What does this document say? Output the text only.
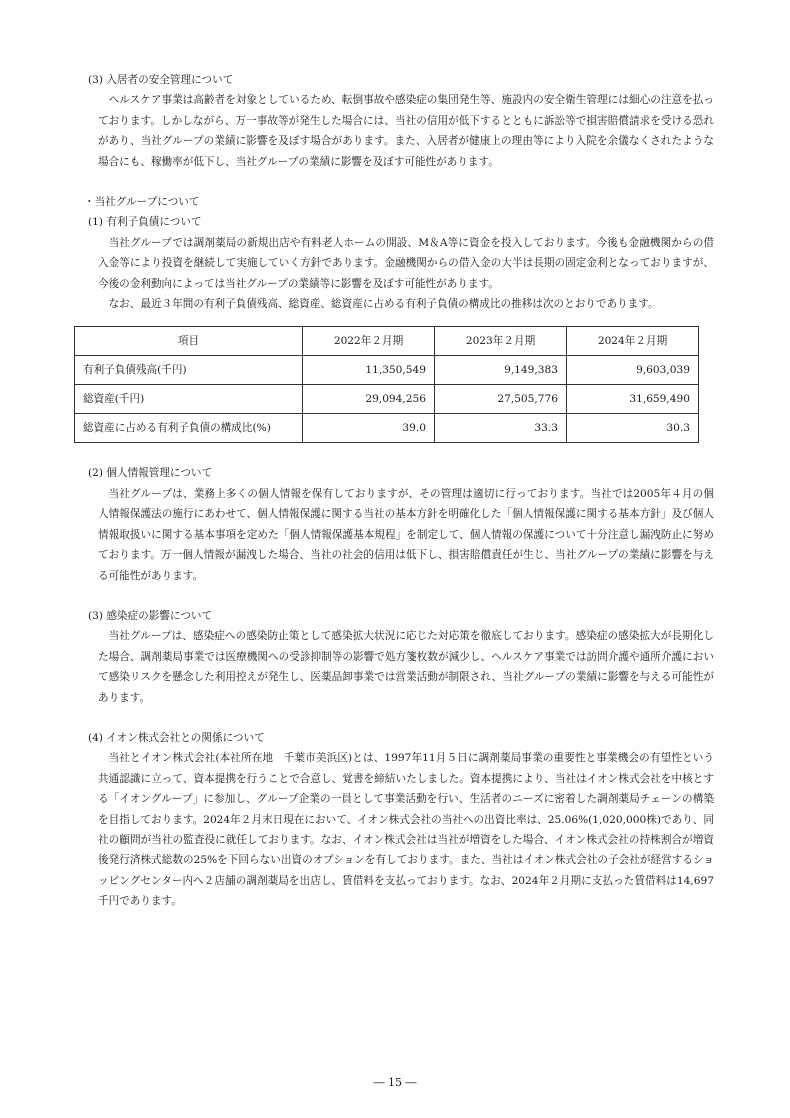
(3) 入居者の安全管理について

ヘルスケア事業は高齢者を対象としているため、転倒事故や感染症の集団発生等、施設内の安全衛生管理には細心の注意を払っております。しかしながら、万一事故等が発生した場合には、当社の信用が低下するとともに訴訟等で損害賠償請求を受ける恐れがあり、当社グループの業績に影響を及ぼす場合があります。また、入居者が健康上の理由等により入院を余儀なくされたような場合にも、稼働率が低下し、当社グループの業績に影響を及ぼす可能性があります。

・当社グループについて
(1) 有利子負債について

当社グループでは調剤薬局の新規出店や有料老人ホームの開設、M＆A等に資金を投入しております。今後も金融機関からの借入金等により投資を継続して実施していく方針であります。金融機関からの借入金の大半は長期の固定金利となっておりますが、今後の金利動向によっては当社グループの業績等に影響を及ぼす可能性があります。

なお、最近３年間の有利子負債残高、総資産、総資産に占める有利子負債の構成比の推移は次のとおりであります。

項目	2022年２月期	2023年２月期	2024年２月期
有利子負債残高(千円)	11,350,549	9,149,383	9,603,039
総資産(千円)	29,094,256	27,505,776	31,659,490
総資産に占める有利子負債の構成比(%)	39.0	33.3	30.3
(2) 個人情報管理について

当社グループは、業務上多くの個人情報を保有しておりますが、その管理は適切に行っております。当社では2005年４月の個人情報保護法の施行にあわせて、個人情報保護に関する当社の基本方針を明確化した「個人情報保護に関する基本方針」及び個人情報取扱いに関する基本事項を定めた「個人情報保護基本規程」を制定して、個人情報の保護について十分注意し漏洩防止に努めております。万一個人情報が漏洩した場合、当社の社会的信用は低下し、損害賠償責任が生じ、当社グループの業績に影響を与える可能性があります。

(3) 感染症の影響について

当社グループは、感染症への感染防止策として感染拡大状況に応じた対応策を徹底しております。感染症の感染拡大が長期化した場合、調剤薬局事業では医療機関への受診抑制等の影響で処方箋枚数が減少し、ヘルスケア事業では訪問介護や通所介護において感染リスクを懸念した利用控えが発生し、医薬品卸事業では営業活動が制限され、当社グループの業績に影響を与える可能性があります。

(4) イオン株式会社との関係について

当社とイオン株式会社(本社所在地　千葉市美浜区)とは、1997年11月５日に調剤薬局事業の重要性と事業機会の有望性という共通認識に立って、資本提携を行うことで合意し、覚書を締結いたしました。資本提携により、当社はイオン株式会社を中核とする「イオングループ」に参加し、グループ企業の一員として事業活動を行い、生活者のニーズに密着した調剤薬局チェーンの構築を目指しております。2024年２月末日現在において、イオン株式会社の当社への出資比率は、25.06%(1,020,000株)であり、同社の顧問が当社の監査役に就任しております。なお、イオン株式会社は当社が増資をした場合、イオン株式会社の持株割合が増資後発行済株式総数の25%を下回らない出資のオプションを有しております。また、当社はイオン株式会社の子会社が経営するショッピングセンター内へ２店舗の調剤薬局を出店し、賃借料を支払っております。なお、2024年２月期に支払った賃借料は14,697千円であります。

― 15 ―
